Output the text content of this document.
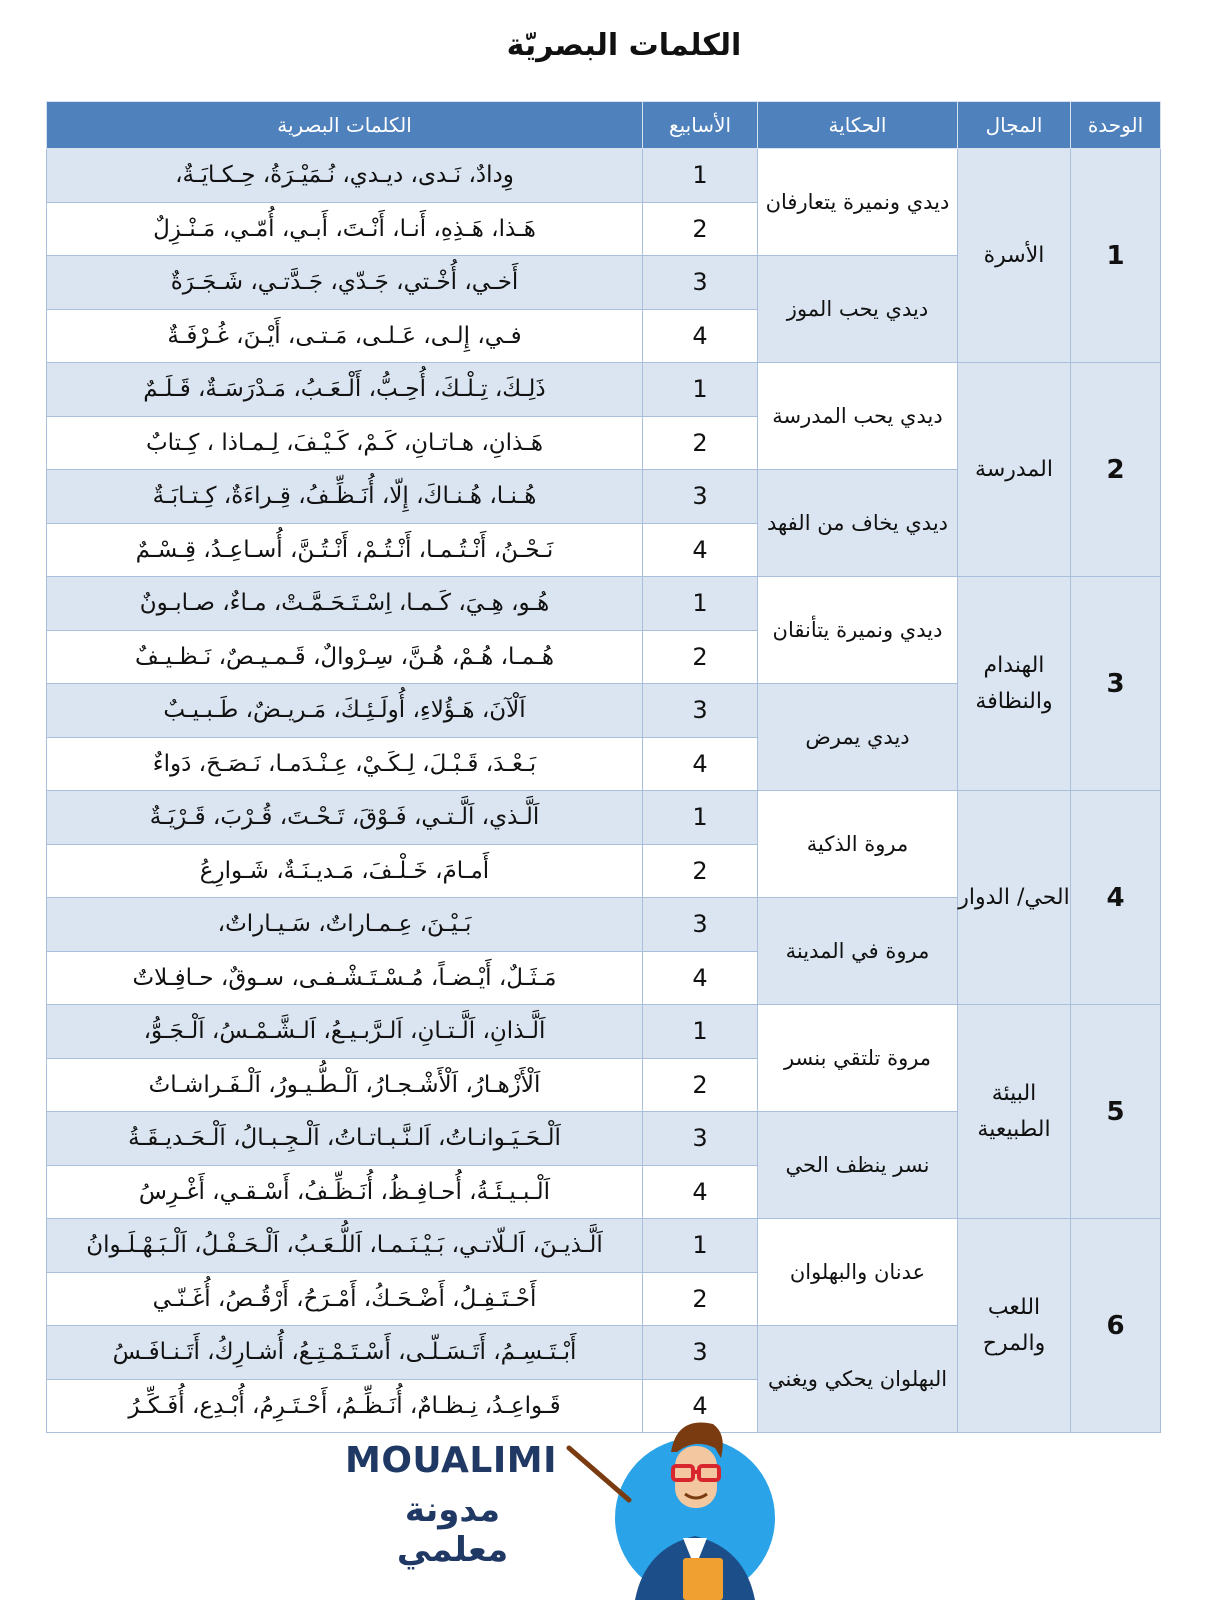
الكلمات البصريّة
الوحدة	المجال	الحكاية	الأسابيع	الكلمات البصرية
1	الأسرة	ديدي ونميرة يتعارفان	1	وِدادٌ، نَـدى، ديـدي، نُـمَيْـرَةُ، حِـكـايَـةٌ،
			2	هَـذا، هَـذِهِ، أَنـا، أَنْـتَ، أَبـي، أُمّـي، مَـنْـزِلٌ
		ديدي يحب الموز	3	أَخـي، أُخْـتي، جَـدّي، جَـدَّتـي، شَـجَـرَةٌ
			4	فـي، إِلـى، عَـلـى، مَـتـى، أَيْـنَ، غُـرْفَـةٌ
2	المدرسة	ديدي يحب المدرسة	1	ذَلِـكَ، تِـلْـكَ، أُحِـبُّ، أَلْـعَـبُ، مَـدْرَسَـةٌ، قَـلَـمٌ
			2	هَـذانِ، هـاتـانِ، كَـمْ، كَـيْـفَ، لِـمـاذا ، كِـتابٌ
		ديدي يخاف من الفهد	3	هُـنـا، هُـنـاكَ، إِلّا، أُنَـظِّـفُ، قِـراءَةٌ، كِـتـابَـةٌ
			4	نَـحْـنُ، أَنْـتُـمـا، أَنْـتُـمْ، أَنْـتُـنَّ، أُسـاعِـدُ، قِـسْـمٌ
3	الهندام والنظافة	ديدي ونميرة يتأنقان	1	هُـو، هِـيَ، كَـمـا، اِسْـتَـحَـمَّـتْ، مـاءٌ، صـابـونٌ
			2	هُـمـا، هُـمْ، هُـنَّ، سِـرْوالٌ، قَـمـيـصٌ، نَـظـيـفٌ
		ديدي يمرض	3	اَلْآنَ، هَـؤُلاءِ، أُولَـئِـكَ، مَـريـضٌ، طَـبـيـبٌ
			4	بَـعْـدَ، قَـبْـلَ، لِـكَـيْ، عِـنْـدَمـا، نَـصَـحَ، دَواءٌ
4	الحي/ الدوار	مروة الذكية	1	اَلَّـذي، اَلَّـتـي، فَـوْقَ، تَـحْـتَ، قُـرْبَ، قَـرْيَـةٌ
			2	أَمـامَ، خَـلْـفَ، مَـديـنَـةٌ، شَـوارِعُ
		مروة في المدينة	3	بَـيْـنَ، عِـمـاراتٌ، سَـيـاراتٌ،
			4	مَـثَـلٌ، أَيْـضـاً، مُـسْـتَـشْـفـى، سـوقٌ، حـافِـلاتٌ
5	البيئة الطبيعية	مروة تلتقي بنسر	1	اَلَّـذانِ، اَلَّـتـانِ، اَلـرَّبـيـعُ، اَلـشَّـمْـسُ، اَلْـجَـوُّ،
			2	اَلْأَزْهـارُ، اَلْأَشْـجـارُ، اَلْـطُّـيـورُ، اَلْـفَـراشـاتُ
		نسر ينظف الحي	3	اَلْـحَـيَـوانـاتُ، اَلـنَّـبـاتـاتُ، اَلْـجِـبـالُ، اَلْـحَـديـقَـةُ
			4	اَلْـبـيـئَـةُ، أُحـافِـظُ، أُنَـظِّـفُ، أَسْـقـي، أَغْـرِسُ
6	اللعب والمرح	عدنان والبهلوان	1	اَلَّـذيـنَ، اَلـلّاتـي، بَـيْـنَـمـا، اَللُّـعَـبُ، اَلْـحَـفْـلُ، اَلْـبَـهْـلَـوانُ
			2	أَحْـتَـفِـلُ، أَضْـحَـكُ، أَمْـرَحُ، أَرْقُـصُ، أُغَـنّـي
		البهلوان يحكي ويغني	3	أَبْـتَـسِـمُ، أَتَـسَـلّـى، أَسْـتَـمْـتِـعُ، أُشـارِكُ، أَتَـنـافَـسُ
			4	قَـواعِـدُ، نِـظـامٌ، أُنَـظِّـمُ، أَحْـتَـرِمُ، أُبْـدِع، أُفَـكِّـرُ
MOUALIMI
مدونة معلمي
